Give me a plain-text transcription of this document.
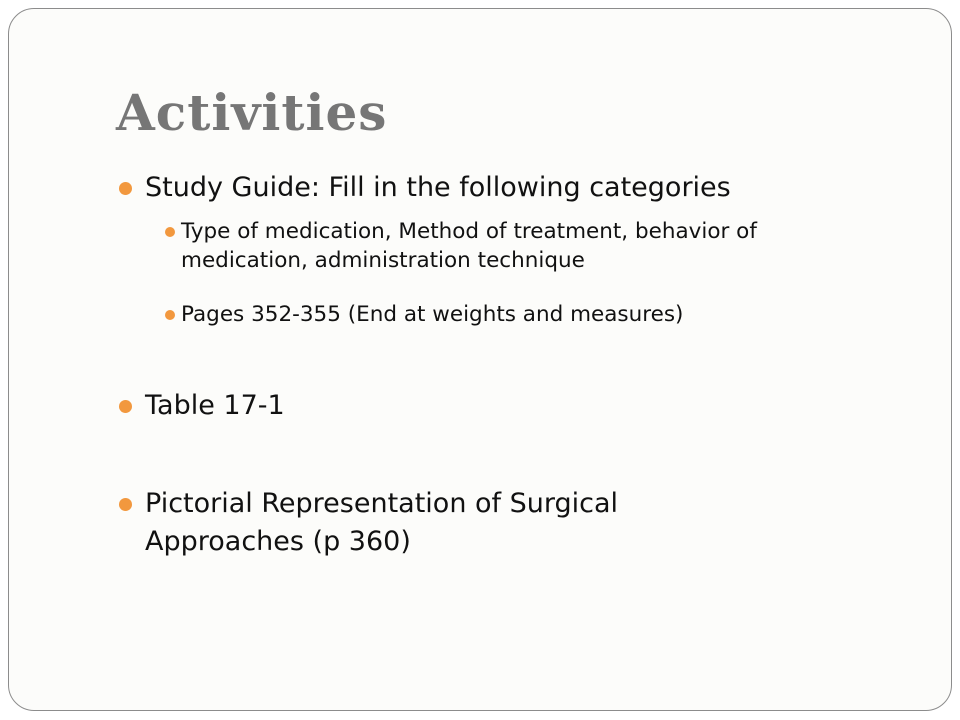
Activities
Study Guide: Fill in the following categories
Type of medication, Method of treatment, behavior of medication, administration technique
Pages 352-355 (End at weights and measures)
Table 17-1
Pictorial Representation of Surgical Approaches (p 360)
